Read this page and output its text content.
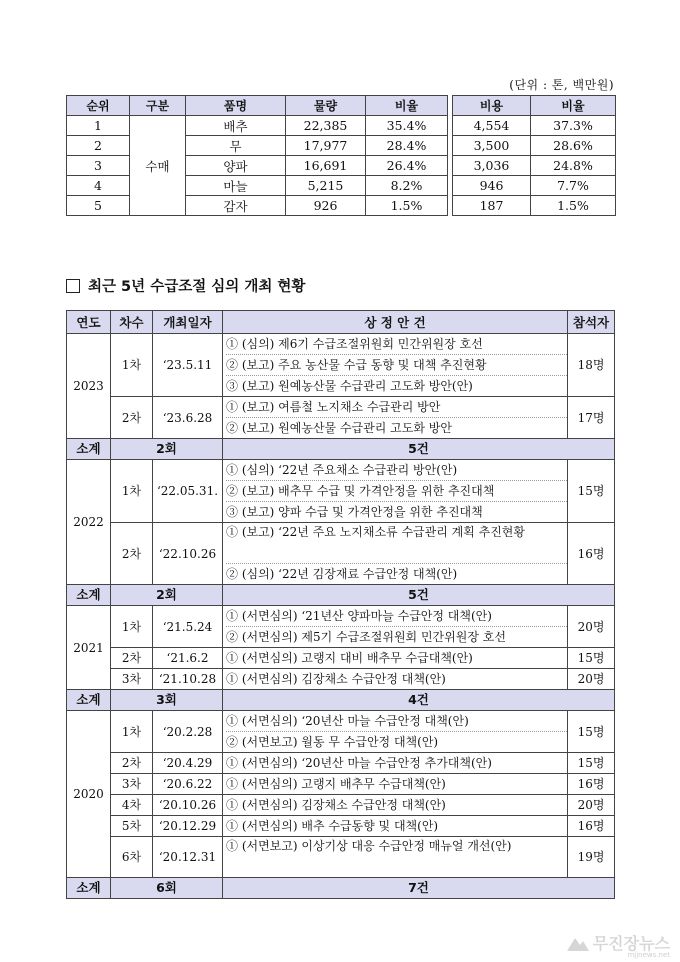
(단위 : 톤, 백만원)
순위	구분	품명	물량	비율		비용	비율
1	수매	배추	22,385	35.4%		4,554	37.3%
2		무	17,977	28.4%		3,500	28.6%
3		양파	16,691	26.4%		3,036	24.8%
4		마늘	5,215	8.2%		946	7.7%
5		감자	926	1.5%		187	1.5%
최근 5년 수급조절 심의 개최 현황
연도	차수	개최일자	상 정 안 건	참석자
2023	1차	‘23.5.11	① (심의) 제6기 수급조절위원회 민간위원장 호선
② (보고) 주요 농산물 수급 동향 및 대책 추진현황
③ (보고) 원예농산물 수급관리 고도화 방안(안)	18명
	2차	‘23.6.28	① (보고) 여름철 노지채소 수급관리 방안
② (보고) 원예농산물 수급관리 고도화 방안	17명
소계	2회		5건	
2022	1차	‘22.05.31.	① (심의) ‘22년 주요채소 수급관리 방안(안)
② (보고) 배추무 수급 및 가격안정을 위한 추진대책
③ (보고) 양파 수급 및 가격안정을 위한 추진대책	15명
	2차	‘22.10.26	① (보고) ‘22년 주요 노지채소류 수급관리 계획 추진현황
② (심의) ‘22년 김장재료 수급안정 대책(안)	16명
소계	2회		5건	
2021	1차	‘21.5.24	① (서면심의) ‘21년산 양파마늘 수급안정 대책(안)
② (서면심의) 제5기 수급조절위원회 민간위원장 호선	20명
	2차	‘21.6.2	① (서면심의) 고랭지 대비 배추무 수급대책(안)	15명
	3차	‘21.10.28	① (서면심의) 김장채소 수급안정 대책(안)	20명
소계	3회		4건	
2020	1차	‘20.2.28	① (서면심의) ‘20년산 마늘 수급안정 대책(안)
② (서면보고) 월동 무 수급안정 대책(안)	15명
	2차	‘20.4.29	① (서면심의) ‘20년산 마늘 수급안정 추가대책(안)	15명
	3차	‘20.6.22	① (서면심의) 고랭지 배추무 수급대책(안)	16명
	4차	‘20.10.26	① (서면심의) 김장채소 수급안정 대책(안)	20명
	5차	‘20.12.29	① (서면심의) 배추 수급동향 및 대책(안)	16명
	6차	‘20.12.31	① (서면보고) 이상기상 대응 수급안정 매뉴얼 개선(안)	19명
소계	6회		7건	
무진장뉴스
mjjnews.net
